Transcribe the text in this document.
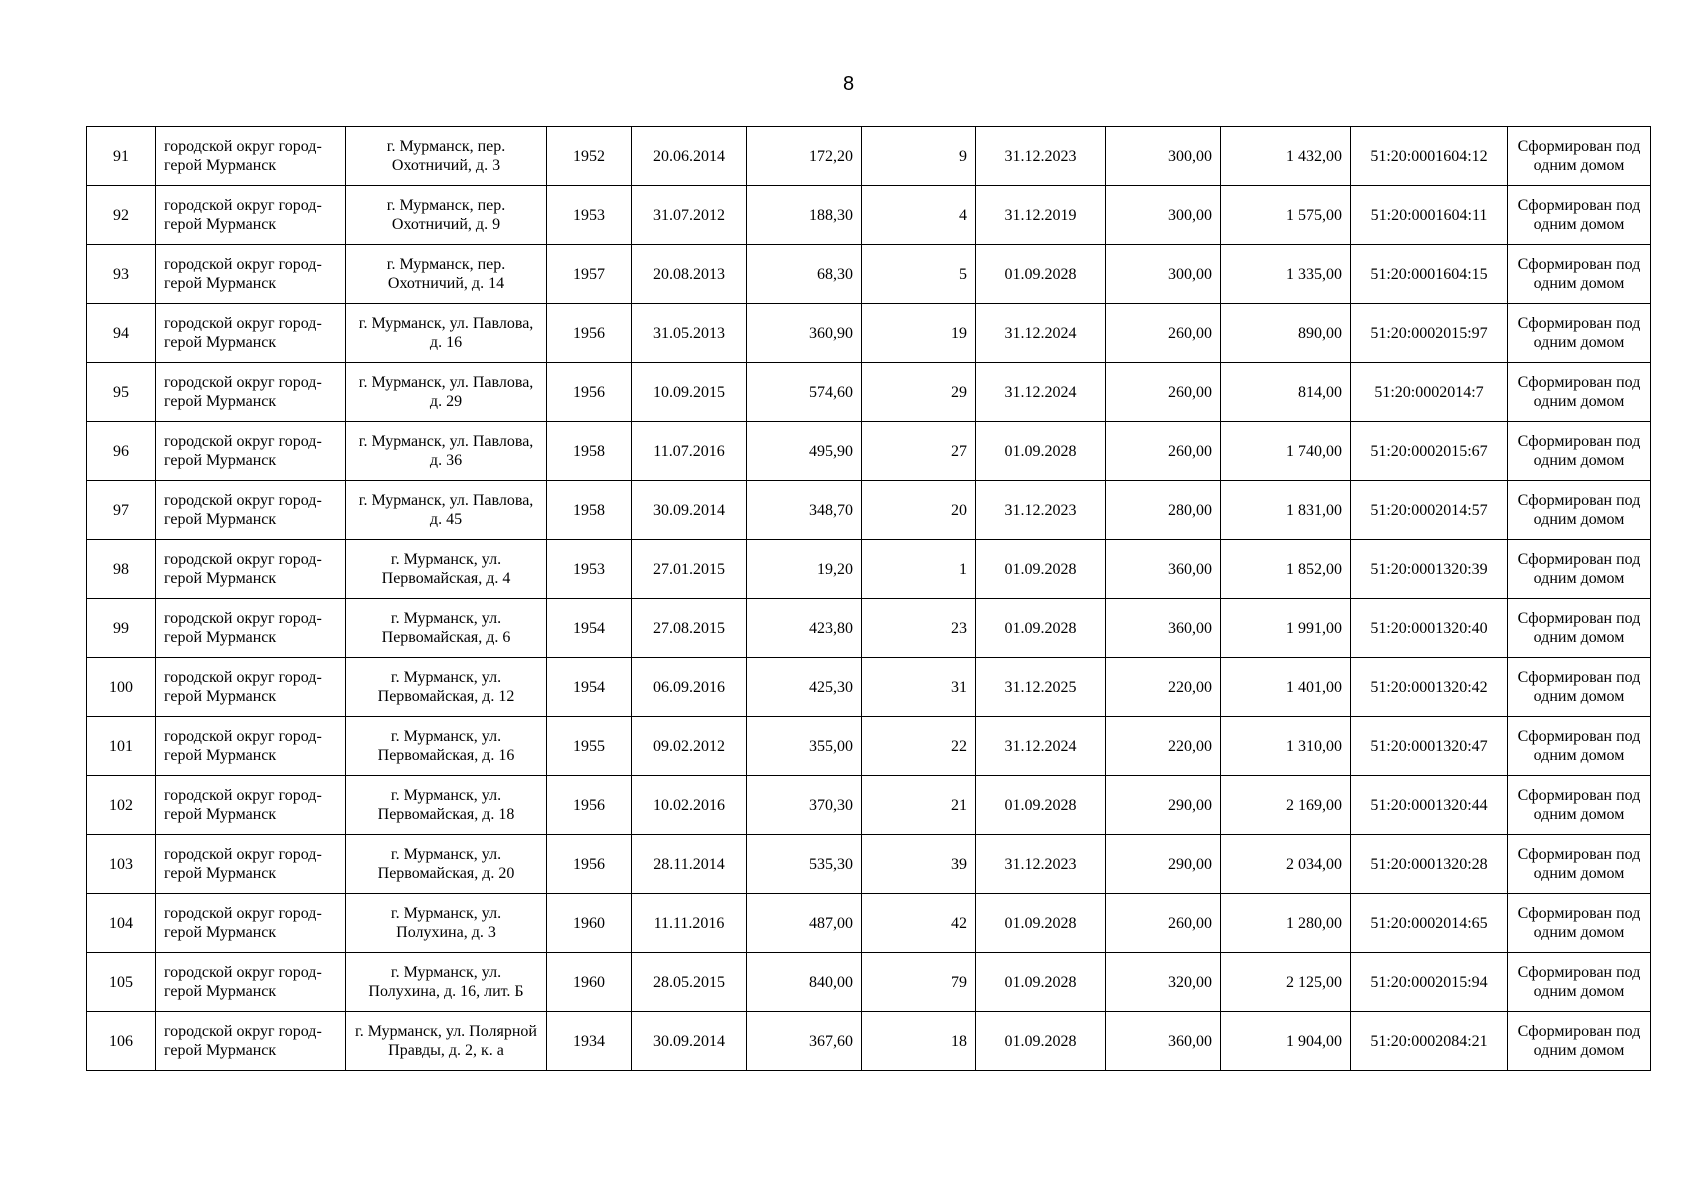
8
91	городской округ город-герой Мурманск	г. Мурманск, пер. Охотничий, д. 3	1952	20.06.2014	172,20	9	31.12.2023	300,00	1 432,00	51:20:0001604:12	Сформирован под одним домом
92	городской округ город-герой Мурманск	г. Мурманск, пер. Охотничий, д. 9	1953	31.07.2012	188,30	4	31.12.2019	300,00	1 575,00	51:20:0001604:11	Сформирован под одним домом
93	городской округ город-герой Мурманск	г. Мурманск, пер. Охотничий, д. 14	1957	20.08.2013	68,30	5	01.09.2028	300,00	1 335,00	51:20:0001604:15	Сформирован под одним домом
94	городской округ город-герой Мурманск	г. Мурманск, ул. Павлова, д. 16	1956	31.05.2013	360,90	19	31.12.2024	260,00	890,00	51:20:0002015:97	Сформирован под одним домом
95	городской округ город-герой Мурманск	г. Мурманск, ул. Павлова, д. 29	1956	10.09.2015	574,60	29	31.12.2024	260,00	814,00	51:20:0002014:7	Сформирован под одним домом
96	городской округ город-герой Мурманск	г. Мурманск, ул. Павлова, д. 36	1958	11.07.2016	495,90	27	01.09.2028	260,00	1 740,00	51:20:0002015:67	Сформирован под одним домом
97	городской округ город-герой Мурманск	г. Мурманск, ул. Павлова, д. 45	1958	30.09.2014	348,70	20	31.12.2023	280,00	1 831,00	51:20:0002014:57	Сформирован под одним домом
98	городской округ город-герой Мурманск	г. Мурманск, ул. Первомайская, д. 4	1953	27.01.2015	19,20	1	01.09.2028	360,00	1 852,00	51:20:0001320:39	Сформирован под одним домом
99	городской округ город-герой Мурманск	г. Мурманск, ул. Первомайская, д. 6	1954	27.08.2015	423,80	23	01.09.2028	360,00	1 991,00	51:20:0001320:40	Сформирован под одним домом
100	городской округ город-герой Мурманск	г. Мурманск, ул. Первомайская, д. 12	1954	06.09.2016	425,30	31	31.12.2025	220,00	1 401,00	51:20:0001320:42	Сформирован под одним домом
101	городской округ город-герой Мурманск	г. Мурманск, ул. Первомайская, д. 16	1955	09.02.2012	355,00	22	31.12.2024	220,00	1 310,00	51:20:0001320:47	Сформирован под одним домом
102	городской округ город-герой Мурманск	г. Мурманск, ул. Первомайская, д. 18	1956	10.02.2016	370,30	21	01.09.2028	290,00	2 169,00	51:20:0001320:44	Сформирован под одним домом
103	городской округ город-герой Мурманск	г. Мурманск, ул. Первомайская, д. 20	1956	28.11.2014	535,30	39	31.12.2023	290,00	2 034,00	51:20:0001320:28	Сформирован под одним домом
104	городской округ город-герой Мурманск	г. Мурманск, ул. Полухина, д. 3	1960	11.11.2016	487,00	42	01.09.2028	260,00	1 280,00	51:20:0002014:65	Сформирован под одним домом
105	городской округ город-герой Мурманск	г. Мурманск, ул. Полухина, д. 16, лит. Б	1960	28.05.2015	840,00	79	01.09.2028	320,00	2 125,00	51:20:0002015:94	Сформирован под одним домом
106	городской округ город-герой Мурманск	г. Мурманск, ул. Полярной Правды, д. 2, к. а	1934	30.09.2014	367,60	18	01.09.2028	360,00	1 904,00	51:20:0002084:21	Сформирован под одним домом
